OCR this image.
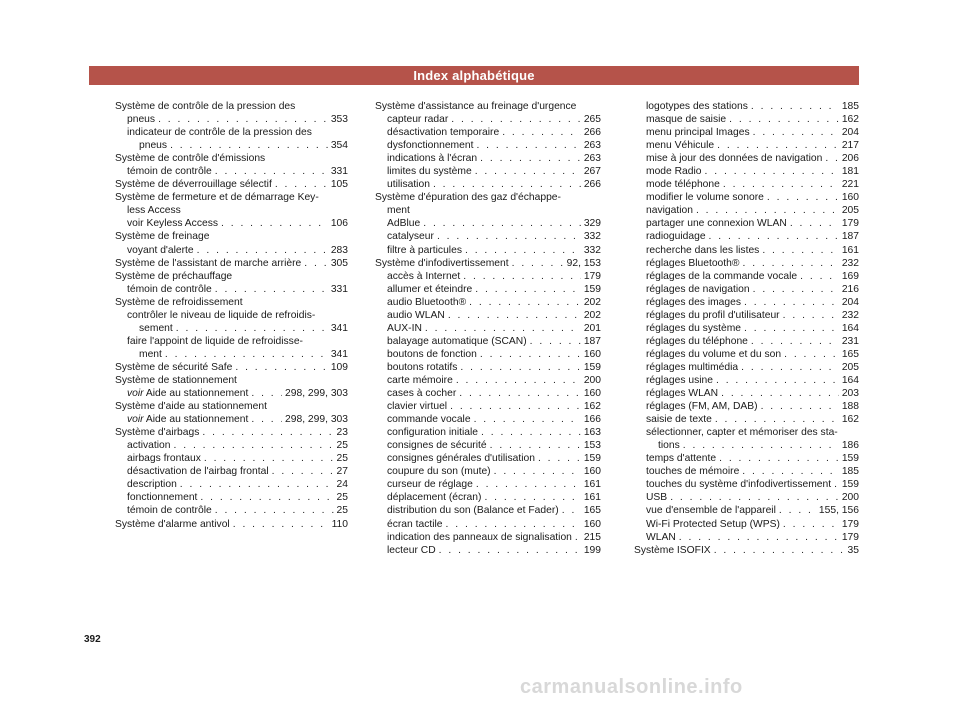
Index alphabétique
Système de contrôle de la pression des
pneus . . .	353
indicateur de contrôle de la pression des
pneus . . .	354
Système de contrôle d'émissions
témoin de contrôle . . .	331
Système de déverrouillage sélectif . . .	105
Système de fermeture et de démarrage Key-
less Access
voir Keyless Access . . .	106
Système de freinage
voyant d'alerte . . .	283
Système de l'assistant de marche arrière . . .	305
Système de préchauffage
témoin de contrôle . . .	331
Système de refroidissement
contrôler le niveau de liquide de refroidis-
sement . . .	341
faire l'appoint de liquide de refroidisse-
ment . . .	341
Système de sécurité Safe . . .	109
Système de stationnement
voir Aide au stationnement . . .	298, 299, 303
Système d'aide au stationnement
voir Aide au stationnement . . .	298, 299, 303
Système d'airbags . . .	23
activation . . .	25
airbags frontaux . . .	25
désactivation de l'airbag frontal . . .	27
description . . .	24
fonctionnement . . .	25
témoin de contrôle . . .	25
Système d'alarme antivol . . .	110
Système d'assistance au freinage d'urgence
capteur radar . . .	265
désactivation temporaire . . .	266
dysfonctionnement . . .	263
indications à l'écran . . .	263
limites du système . . .	267
utilisation . . .	266
Système d'épuration des gaz d'échappe-
ment
AdBlue . . .	329
catalyseur . . .	332
filtre à particules . . .	332
Système d'infodivertissement . . .	92, 153
accès à Internet . . .	179
allumer et éteindre . . .	159
audio Bluetooth® . . .	202
audio WLAN . . .	202
AUX-IN . . .	201
balayage automatique (SCAN) . . .	187
boutons de fonction . . .	160
boutons rotatifs . . .	159
carte mémoire . . .	200
cases à cocher . . .	160
clavier virtuel . . .	162
commande vocale . . .	166
configuration initiale . . .	163
consignes de sécurité . . .	153
consignes générales d'utilisation . . .	159
coupure du son (mute) . . .	160
curseur de réglage . . .	161
déplacement (écran) . . .	161
distribution du son (Balance et Fader) . . . 165
écran tactile . . .	160
indication des panneaux de signalisation . . . 215
lecteur CD . . .	199
logotypes des stations . . .	185
masque de saisie . . .	162
menu principal Images . . .	204
menu Véhicule . . .	217
mise à jour des données de navigation . . . 206
mode Radio . . .	181
mode téléphone . . .	221
modifier le volume sonore . . .	160
navigation . . .	205
partager une connexion WLAN . . .	179
radioguidage . . .	187
recherche dans les listes . . .	161
réglages Bluetooth® . . .	232
réglages de la commande vocale . . .	169
réglages de navigation . . .	216
réglages des images . . .	204
réglages du profil d'utilisateur . . .	232
réglages du système . . .	164
réglages du téléphone . . .	231
réglages du volume et du son . . .	165
réglages multimédia . . .	205
réglages usine . . .	164
réglages WLAN . . .	203
réglages (FM, AM, DAB) . . .	188
saisie de texte . . .	162
sélectionner, capter et mémoriser des sta-
tions . . .	186
temps d'attente . . .	159
touches de mémoire . . .	185
touches du système d'infodivertissement . . . 159
USB . . .	200
vue d'ensemble de l'appareil . . .	155, 156
Wi-Fi Protected Setup (WPS) . . .	179
WLAN . . .	179
Système ISOFIX . . .	35
392
carmanualsonline.info
